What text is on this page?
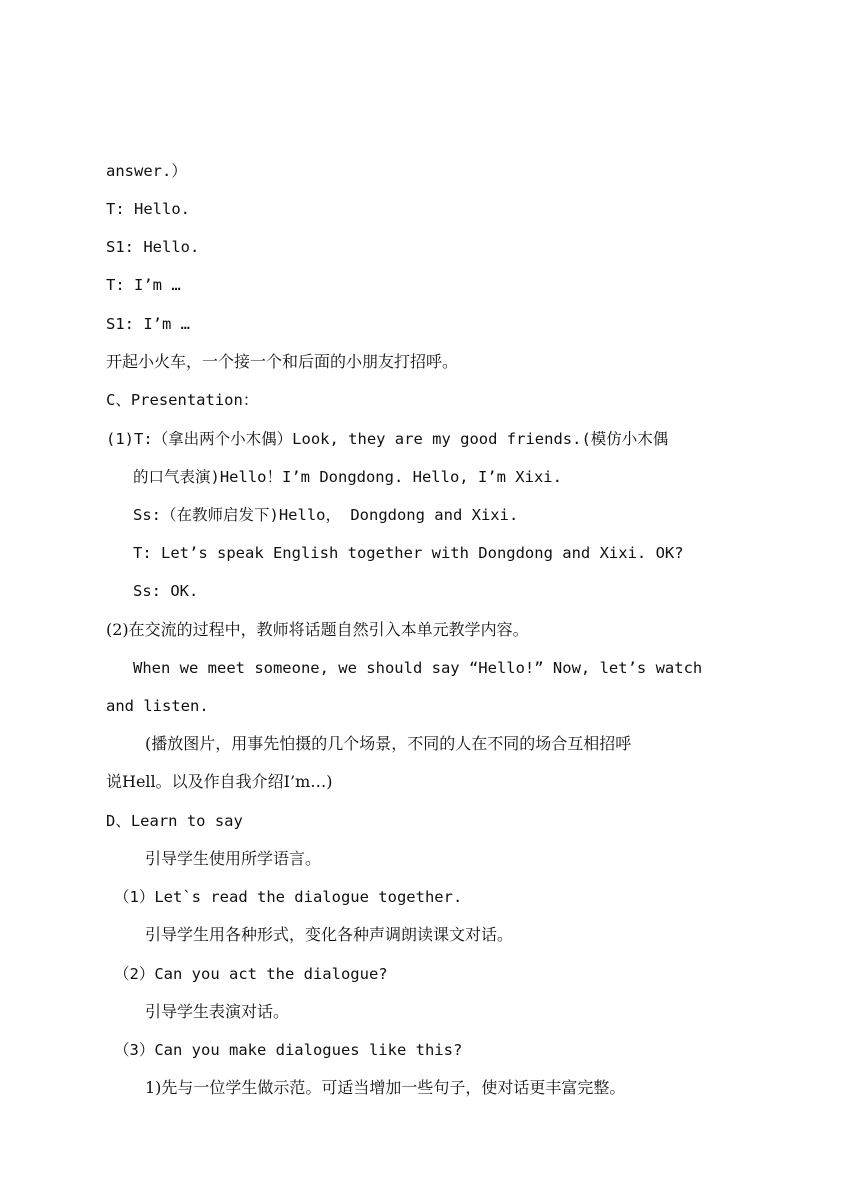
answer.）
T: Hello.
S1: Hello.
T: I’m …
S1: I’m …
开起小火车，一个接一个和后面的小朋友打招呼。
C、Presentation：
(1)T:（拿出两个小木偶）Look, they are my good friends.(模仿小木偶
的口气表演)Hello！I’m Dongdong. Hello, I’m Xixi.
Ss:（在教师启发下)Hello， Dongdong and Xixi.
T: Let’s speak English together with Dongdong and Xixi. OK?
Ss: OK.
(2)在交流的过程中，教师将话题自然引入本单元教学内容。
When we meet someone, we should say “Hello!” Now, let’s watch
and listen.
(播放图片，用事先怕摄的几个场景，不同的人在不同的场合互相招呼
说Hell。以及作自我介绍I’m…)
D、Learn to say
引导学生使用所学语言。
（1）Let`s read the dialogue together.
引导学生用各种形式，变化各种声调朗读课文对话。
（2）Can you act the dialogue?
引导学生表演对话。
（3）Can you make dialogues like this?
1)先与一位学生做示范。可适当增加一些句子，使对话更丰富完整。
